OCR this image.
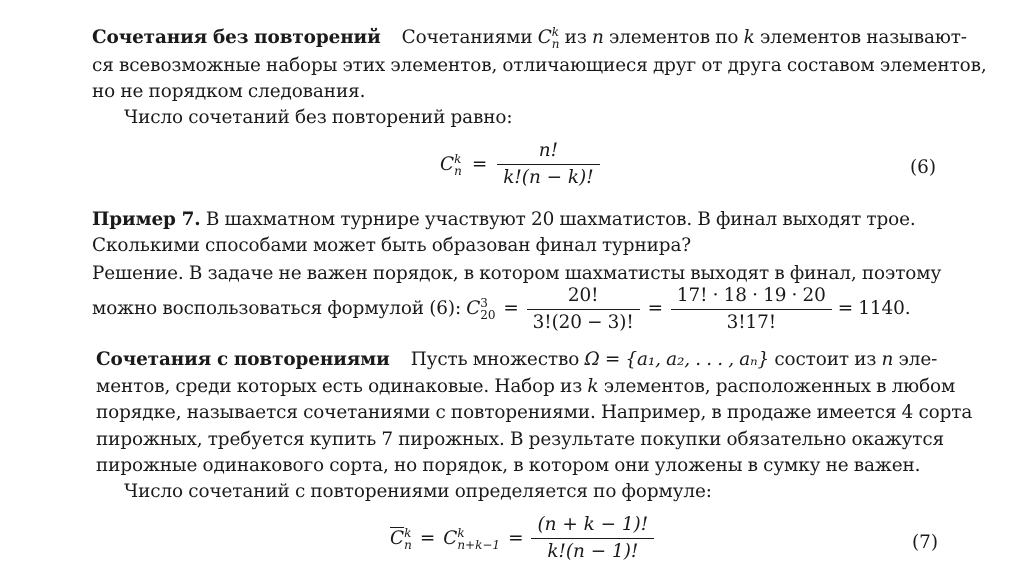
Сочетания без повторений Сочетаниями C k
n из n элементов по k элементов называют-
ся всевозможные наборы этих элементов, отличающиеся друг от друга составом элементов,
но не порядком следования.
Число сочетаний без повторений равно:
C k
$n = \frac{n!}{k!(n - k)!}$	(6)
Пример 7. В шахматном турнире участвуют 20 шахматистов. В финал выходят трое.
Сколькими способами может быть образован финал турнира?
Решение. В задаче не важен порядок, в котором шахматисты выходят в финал, поэтому
можно воспользоваться формулой (6):
C 3
$20 = \frac{20!}{3!(20 - 3)!} = \frac{17! \cdot 18 \cdot 19 \cdot 20}{3!17!} = 1140$.
Сочетания с повторениями Пусть множество Ω = {a₁, a₂, . . . , aₙ} состоит из n эле-
ментов, среди которых есть одинаковые. Набор из k элементов, расположенных в любом
порядке, называется сочетаниями с повторениями. Например, в продаже имеется 4 сорта
пирожных, требуется купить 7 пирожных. В результате покупки обязательно окажутся
пирожные одинакового сорта, но порядок, в котором они уложены в сумку не важен.
Число сочетаний с повторениями определяется по формуле:
$\overline{C}$ k
n = C k
$n+k-1 = \frac{(n + k - 1)!}{k!(n - 1)!}$	(7)
